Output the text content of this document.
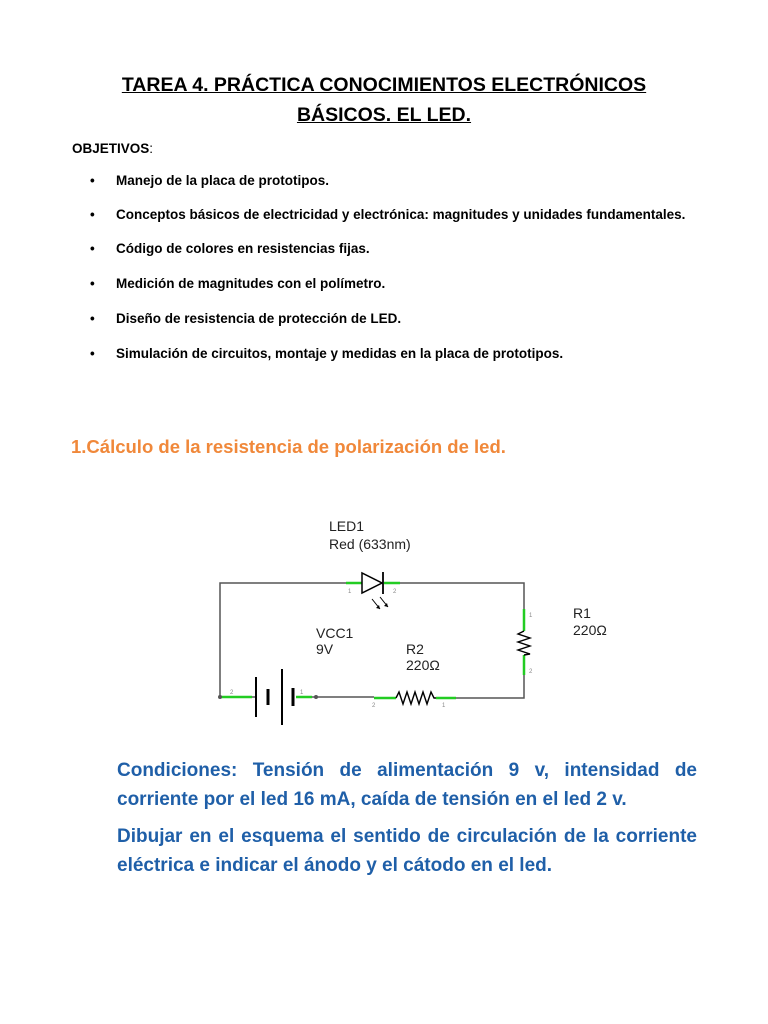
TAREA 4. PRÁCTICA CONOCIMIENTOS ELECTRÓNICOS
BÁSICOS. EL LED.
OBJETIVOS:
• Manejo de la placa de prototipos.
• Conceptos básicos de electricidad y electrónica: magnitudes y unidades fundamentales.
• Código de colores en resistencias fijas.
• Medición de magnitudes con el polímetro.
• Diseño de resistencia de protección de LED.
• Simulación de circuitos, montaje y medidas en la placa de prototipos.
1.Cálculo de la resistencia de polarización de led.
LED1
Red (633nm)
VCC1
9V
R1
220Ω
R2
220Ω
1	2
1
2
2	1
2	1
Condiciones: Tensión de alimentación 9 v, intensidad de corriente por el led 16 mA, caída de tensión en el led 2 v.
Dibujar en el esquema el sentido de circulación de la corriente eléctrica e indicar el ánodo y el cátodo en el led.
